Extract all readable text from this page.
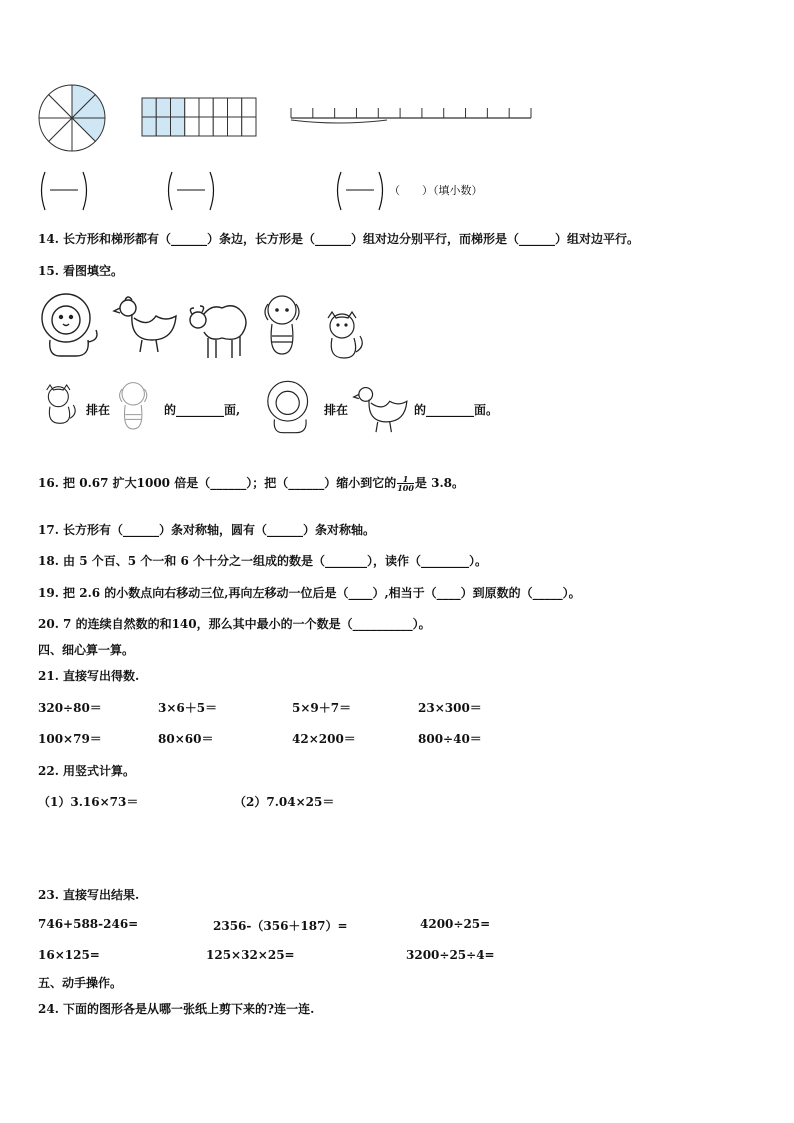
（　　）（填小数）
14. 长方形和梯形都有（______）条边，长方形是（______）组对边分别平行，而梯形是（______）组对边平行。
15. 看图填空。
排在	的________面,	排在	的________面。
16. 把 0.67 扩大1000 倍是（______）；把（______）缩小到它的 $\frac{1}{100}$ 是 3.8。
17. 长方形有（______）条对称轴，圆有（______）条对称轴。
18. 由 5 个百、5 个一和 6 个十分之一组成的数是（_______），读作（________）。
19. 把 2.6 的小数点向右移动三位,再向左移动一位后是（____）,相当于（____）到原数的（_____）。
20. 7 的连续自然数的和140，那么其中最小的一个数是（__________）。
四、细心算一算。
21. 直接写出得数.
320÷80＝	3×6＋5＝	5×9＋7＝	23×300＝
100×79＝	80×60＝	42×200＝	800÷40＝
22. 用竖式计算。
（1）3.16×73＝	（2）7.04×25＝
23. 直接写出结果.
746+588-246=	2356-（356＋187）=	4200÷25=
16×125=	125×32×25=	3200÷25÷4=
五、动手操作。
24. 下面的图形各是从哪一张纸上剪下来的?连一连.
